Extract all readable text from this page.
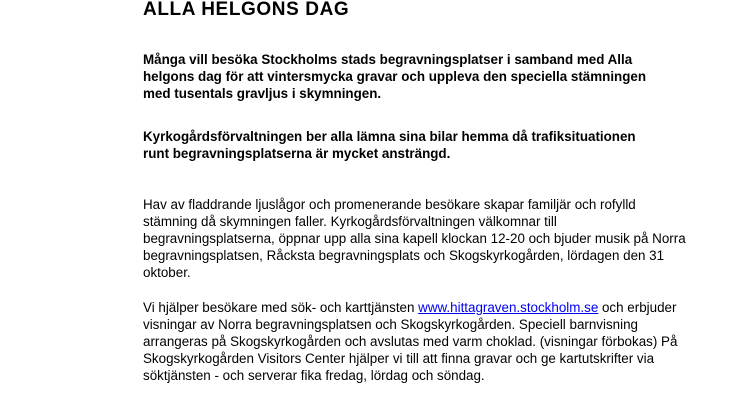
ALLA HELGONS DAG

Många vill besöka Stockholms stads begravningsplatser i samband med Alla helgons dag för att vintersmycka gravar och uppleva den speciella stämningen med tusentals gravljus i skymningen.

Kyrkogårdsförvaltningen ber alla lämna sina bilar hemma då trafiksituationen runt begravningsplatserna är mycket ansträngd.

Hav av fladdrande ljuslågor och promenerande besökare skapar familjär och rofylld stämning då skymningen faller. Kyrkogårdsförvaltningen välkomnar till begravningsplatserna, öppnar upp alla sina kapell klockan 12-20 och bjuder musik på Norra begravningsplatsen, Råcksta begravningsplats och Skogskyrkogården, lördagen den 31 oktober.

Vi hjälper besökare med sök- och karttjänsten www.hittagraven.stockholm.se och erbjuder visningar av Norra begravningsplatsen och Skogskyrkogården. Speciell barnvisning arrangeras på Skogskyrkogården och avslutas med varm choklad. (visningar förbokas) På Skogskyrkogården Visitors Center hjälper vi till att finna gravar och ge kartutskrifter via söktjänsten - och serverar fika fredag, lördag och söndag.
